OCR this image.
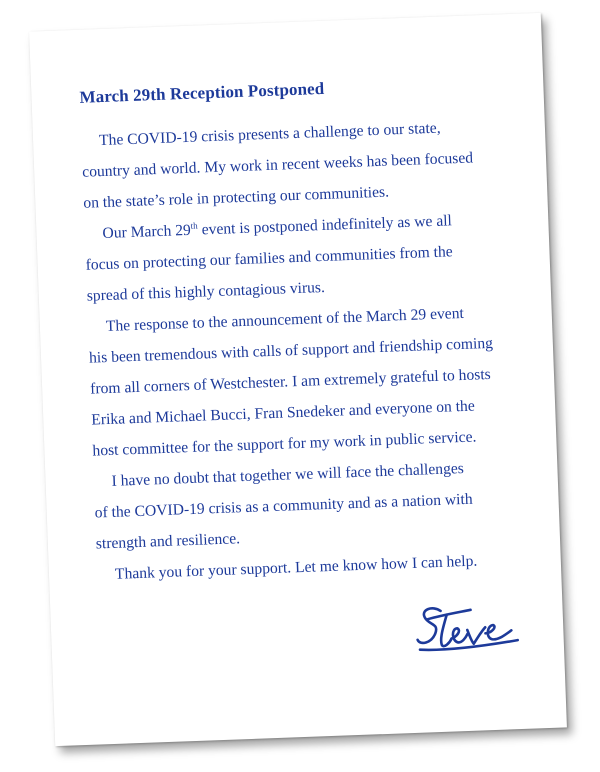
March 29th Reception Postponed

The COVID-19 crisis presents a challenge to our state,
country and world. My work in recent weeks has been focused
on the state’s role in protecting our communities.

Our March 29th event is postponed indefinitely as we all
focus on protecting our families and communities from the
spread of this highly contagious virus.

The response to the announcement of the March 29 event
his been tremendous with calls of support and friendship coming
from all corners of Westchester. I am extremely grateful to hosts
Erika and Michael Bucci, Fran Snedeker and everyone on the
host committee for the support for my work in public service.

I have no doubt that together we will face the challenges
of the COVID-19 crisis as a community and as a nation with
strength and resilience.

Thank you for your support. Let me know how I can help.
